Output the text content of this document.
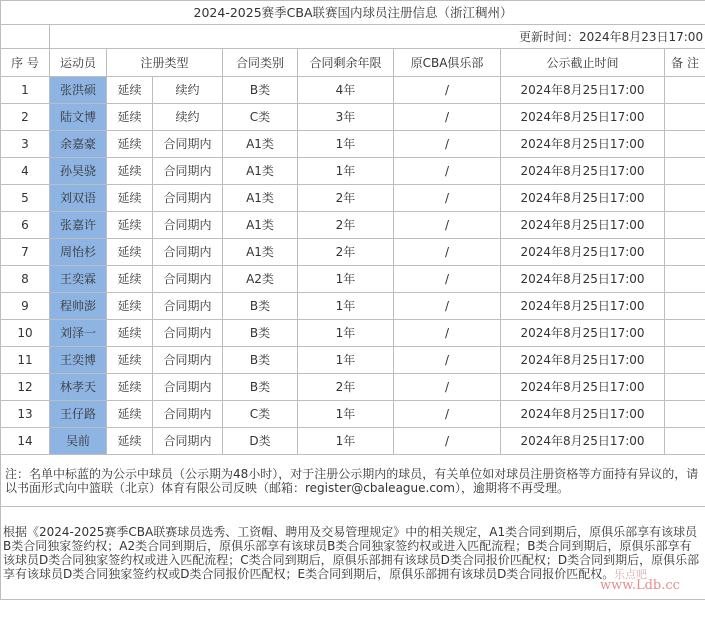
2024-2025赛季CBA联赛国内球员注册信息（浙江稠州）								
	更新时间：2024年8月23日17:00							
序 号	运动员	注册类型		合同类别	合同剩余年限	原CBA俱乐部	公示截止时间	备 注
1	张洪硕	延续	续约	B类	4年	/	2024年8月25日17:00	
2	陆文博	延续	续约	C类	3年	/	2024年8月25日17:00	
3	余嘉豪	延续	合同期内	A1类	1年	/	2024年8月25日17:00	
4	孙昊骁	延续	合同期内	A1类	1年	/	2024年8月25日17:00	
5	刘双语	延续	合同期内	A1类	2年	/	2024年8月25日17:00	
6	张嘉许	延续	合同期内	A1类	2年	/	2024年8月25日17:00	
7	周怡杉	延续	合同期内	A1类	2年	/	2024年8月25日17:00	
8	王奕霖	延续	合同期内	A2类	1年	/	2024年8月25日17:00	
9	程帅澎	延续	合同期内	B类	1年	/	2024年8月25日17:00	
10	刘泽一	延续	合同期内	B类	1年	/	2024年8月25日17:00	
11	王奕博	延续	合同期内	B类	1年	/	2024年8月25日17:00	
12	林孝天	延续	合同期内	B类	2年	/	2024年8月25日17:00	
13	王仔路	延续	合同期内	C类	1年	/	2024年8月25日17:00	
14	吴前	延续	合同期内	D类	1年	/	2024年8月25日17:00	
注：名单中标蓝的为公示中球员（公示期为48小时），对于注册公示期内的球员，有关单位如对球员注册资格等方面持有异议的，请以书面形式向中篮联（北京）体育有限公司反映（邮箱：register@cbaleague.com），逾期将不再受理。								
根据《2024-2025赛季CBA联赛球员选秀、工资帽、聘用及交易管理规定》中的相关规定，A1类合同到期后，原俱乐部享有该球员B类合同独家签约权；A2类合同到期后，原俱乐部享有该球员B类合同独家签约权或进入匹配流程；B类合同到期后，原俱乐部享有该球员D类合同独家签约权或进入匹配流程；C类合同到期后，原俱乐部拥有该球员D类合同报价匹配权；D类合同到期后，原俱乐部享有该球员D类合同独家签约权或D类合同报价匹配权；E类合同到期后，原俱乐部拥有该球员D类合同报价匹配权。								乐点吧
www.Ldb.cc
